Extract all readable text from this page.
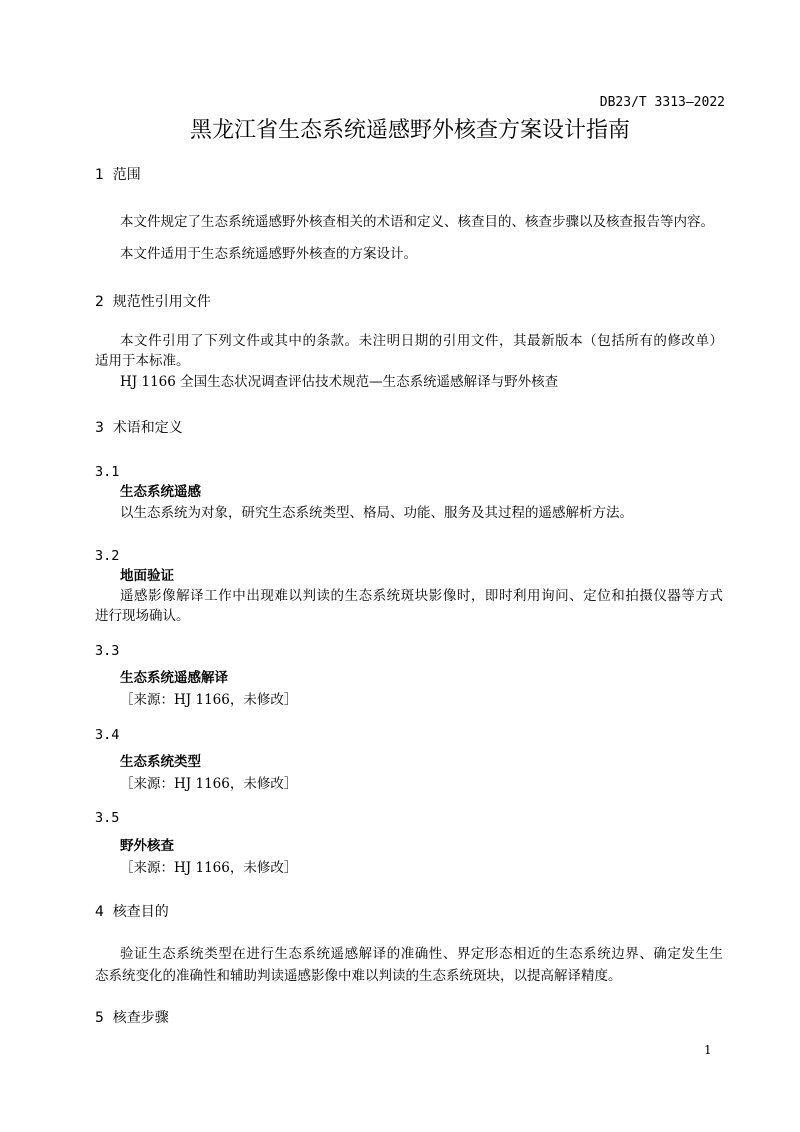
DB23/T 3313—2022
黑龙江省生态系统遥感野外核查方案设计指南
1  范围
本文件规定了生态系统遥感野外核查相关的术语和定义、核查目的、核查步骤以及核查报告等内容。
本文件适用于生态系统遥感野外核查的方案设计。
2  规范性引用文件
本文件引用了下列文件或其中的条款。未注明日期的引用文件，其最新版本（包括所有的修改单）
适用于本标准。
HJ 1166 全国生态状况调查评估技术规范—生态系统遥感解译与野外核查
3  术语和定义
3.1
生态系统遥感
以生态系统为对象，研究生态系统类型、格局、功能、服务及其过程的遥感解析方法。
3.2
地面验证
遥感影像解译工作中出现难以判读的生态系统斑块影像时，即时利用询问、定位和拍摄仪器等方式
进行现场确认。
3.3
生态系统遥感解译
［来源：HJ 1166，未修改］
3.4
生态系统类型
［来源：HJ 1166，未修改］
3.5
野外核查
［来源：HJ 1166，未修改］
4  核查目的
验证生态系统类型在进行生态系统遥感解译的准确性、界定形态相近的生态系统边界、确定发生生
态系统变化的准确性和辅助判读遥感影像中难以判读的生态系统斑块，以提高解译精度。
5  核查步骤
1
